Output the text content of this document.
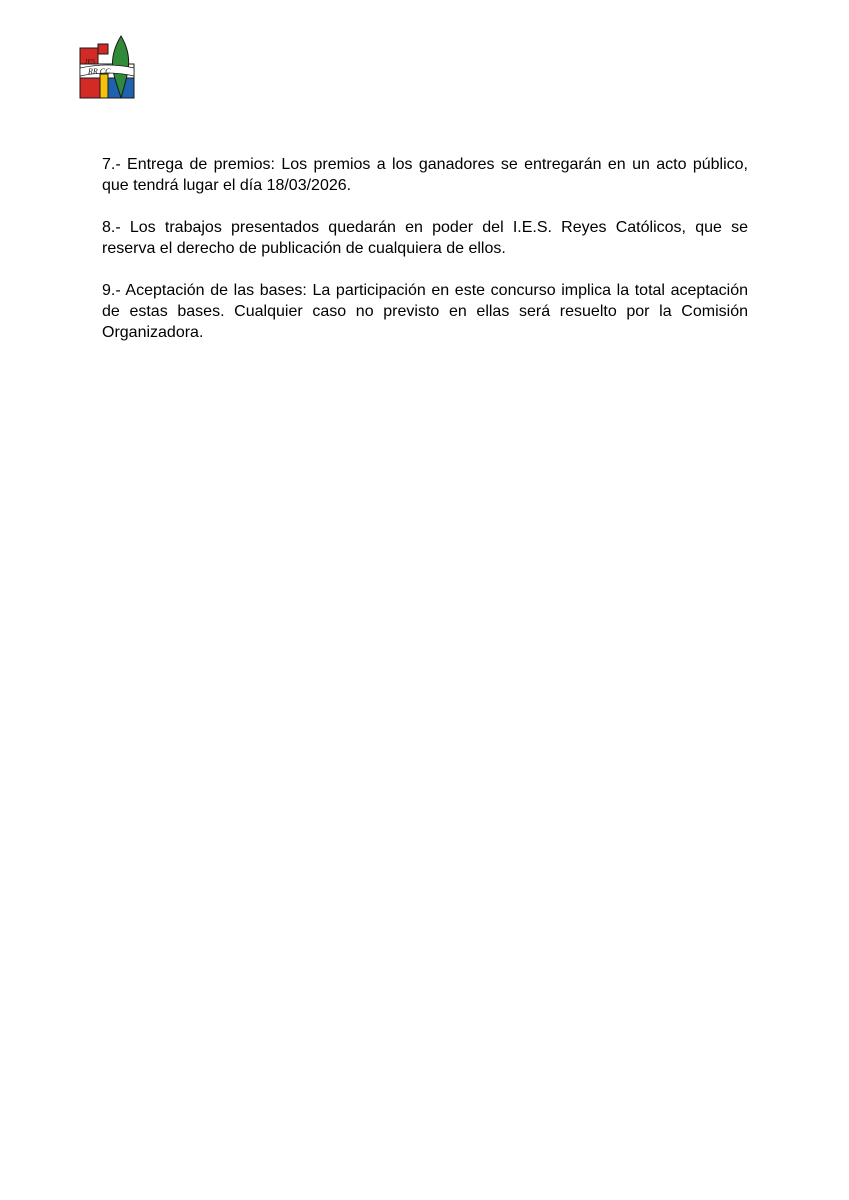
IES
RR CC

7.- Entrega de premios: Los premios a los ganadores se entregarán en un acto público, que tendrá lugar el día 18/03/2026.

8.- Los trabajos presentados quedarán en poder del I.E.S. Reyes Católicos, que se reserva el derecho de publicación de cualquiera de ellos.

9.- Aceptación de las bases: La participación en este concurso implica la total aceptación de estas bases. Cualquier caso no previsto en ellas será resuelto por la Comisión Organizadora.
